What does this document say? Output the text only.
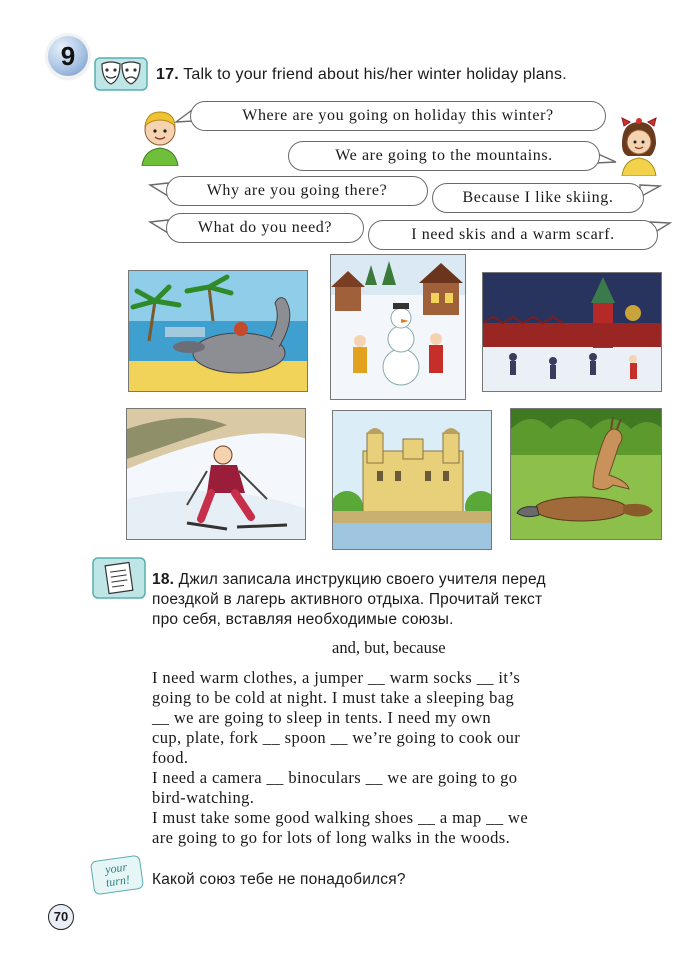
9
17. Talk to your friend about his/her winter holiday plans.
Where are you going on holiday this winter?
We are going to the mountains.
Why are you going there?	Because I like skiing.
What do you need?	I need skis and a warm scarf.
18. Джил записала инструкцию своего учителя перед
поездкой в лагерь активного отдыха. Прочитай текст
про себя, вставляя необходимые союзы.
and, but, because
I need warm clothes, a jumper __ warm socks __ it’s
going to be cold at night. I must take a sleeping bag
__ we are going to sleep in tents. I need my own
cup, plate, fork __ spoon __ we’re going to cook our
food.
I need a camera __ binoculars __ we are going to go
bird-watching.
I must take some good walking shoes __ a map __ we
are going to go for lots of long walks in the woods.
your
turn!	Какой союз тебе не понадобился?
70
